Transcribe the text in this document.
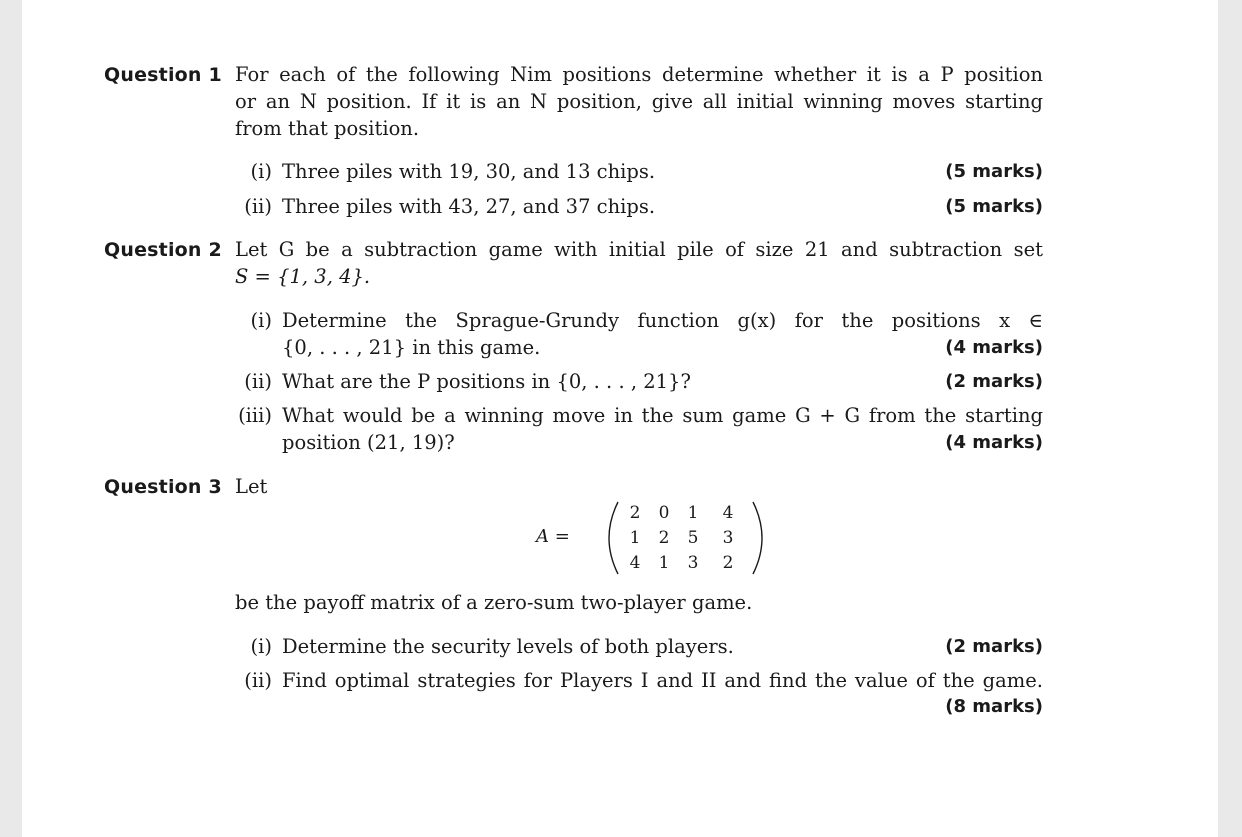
Question 1 For each of the following Nim positions determine whether it is a P position
or an N position. If it is an N position, give all initial winning moves starting
from that position.
(i) Three piles with 19, 30, and 13 chips.	(5 marks)
(ii) Three piles with 43, 27, and 37 chips.	(5 marks)
Question 2 Let G be a subtraction game with initial pile of size 21 and subtraction set
S = {1, 3, 4}.
(i) Determine the Sprague-Grundy function g(x) for the positions x ∈
{0, . . . , 21} in this game.	(4 marks)
(ii) What are the P positions in {0, . . . , 21}?	(2 marks)
(iii) What would be a winning move in the sum game G + G from the starting
position (21, 19)?	(4 marks)
Question 3 Let
A =
2	0	1	4
1	2	5	3
4	1	3	2
be the payoff matrix of a zero-sum two-player game.
(i) Determine the security levels of both players.	(2 marks)
(ii) Find optimal strategies for Players I and II and find the value of the game.
(8 marks)
